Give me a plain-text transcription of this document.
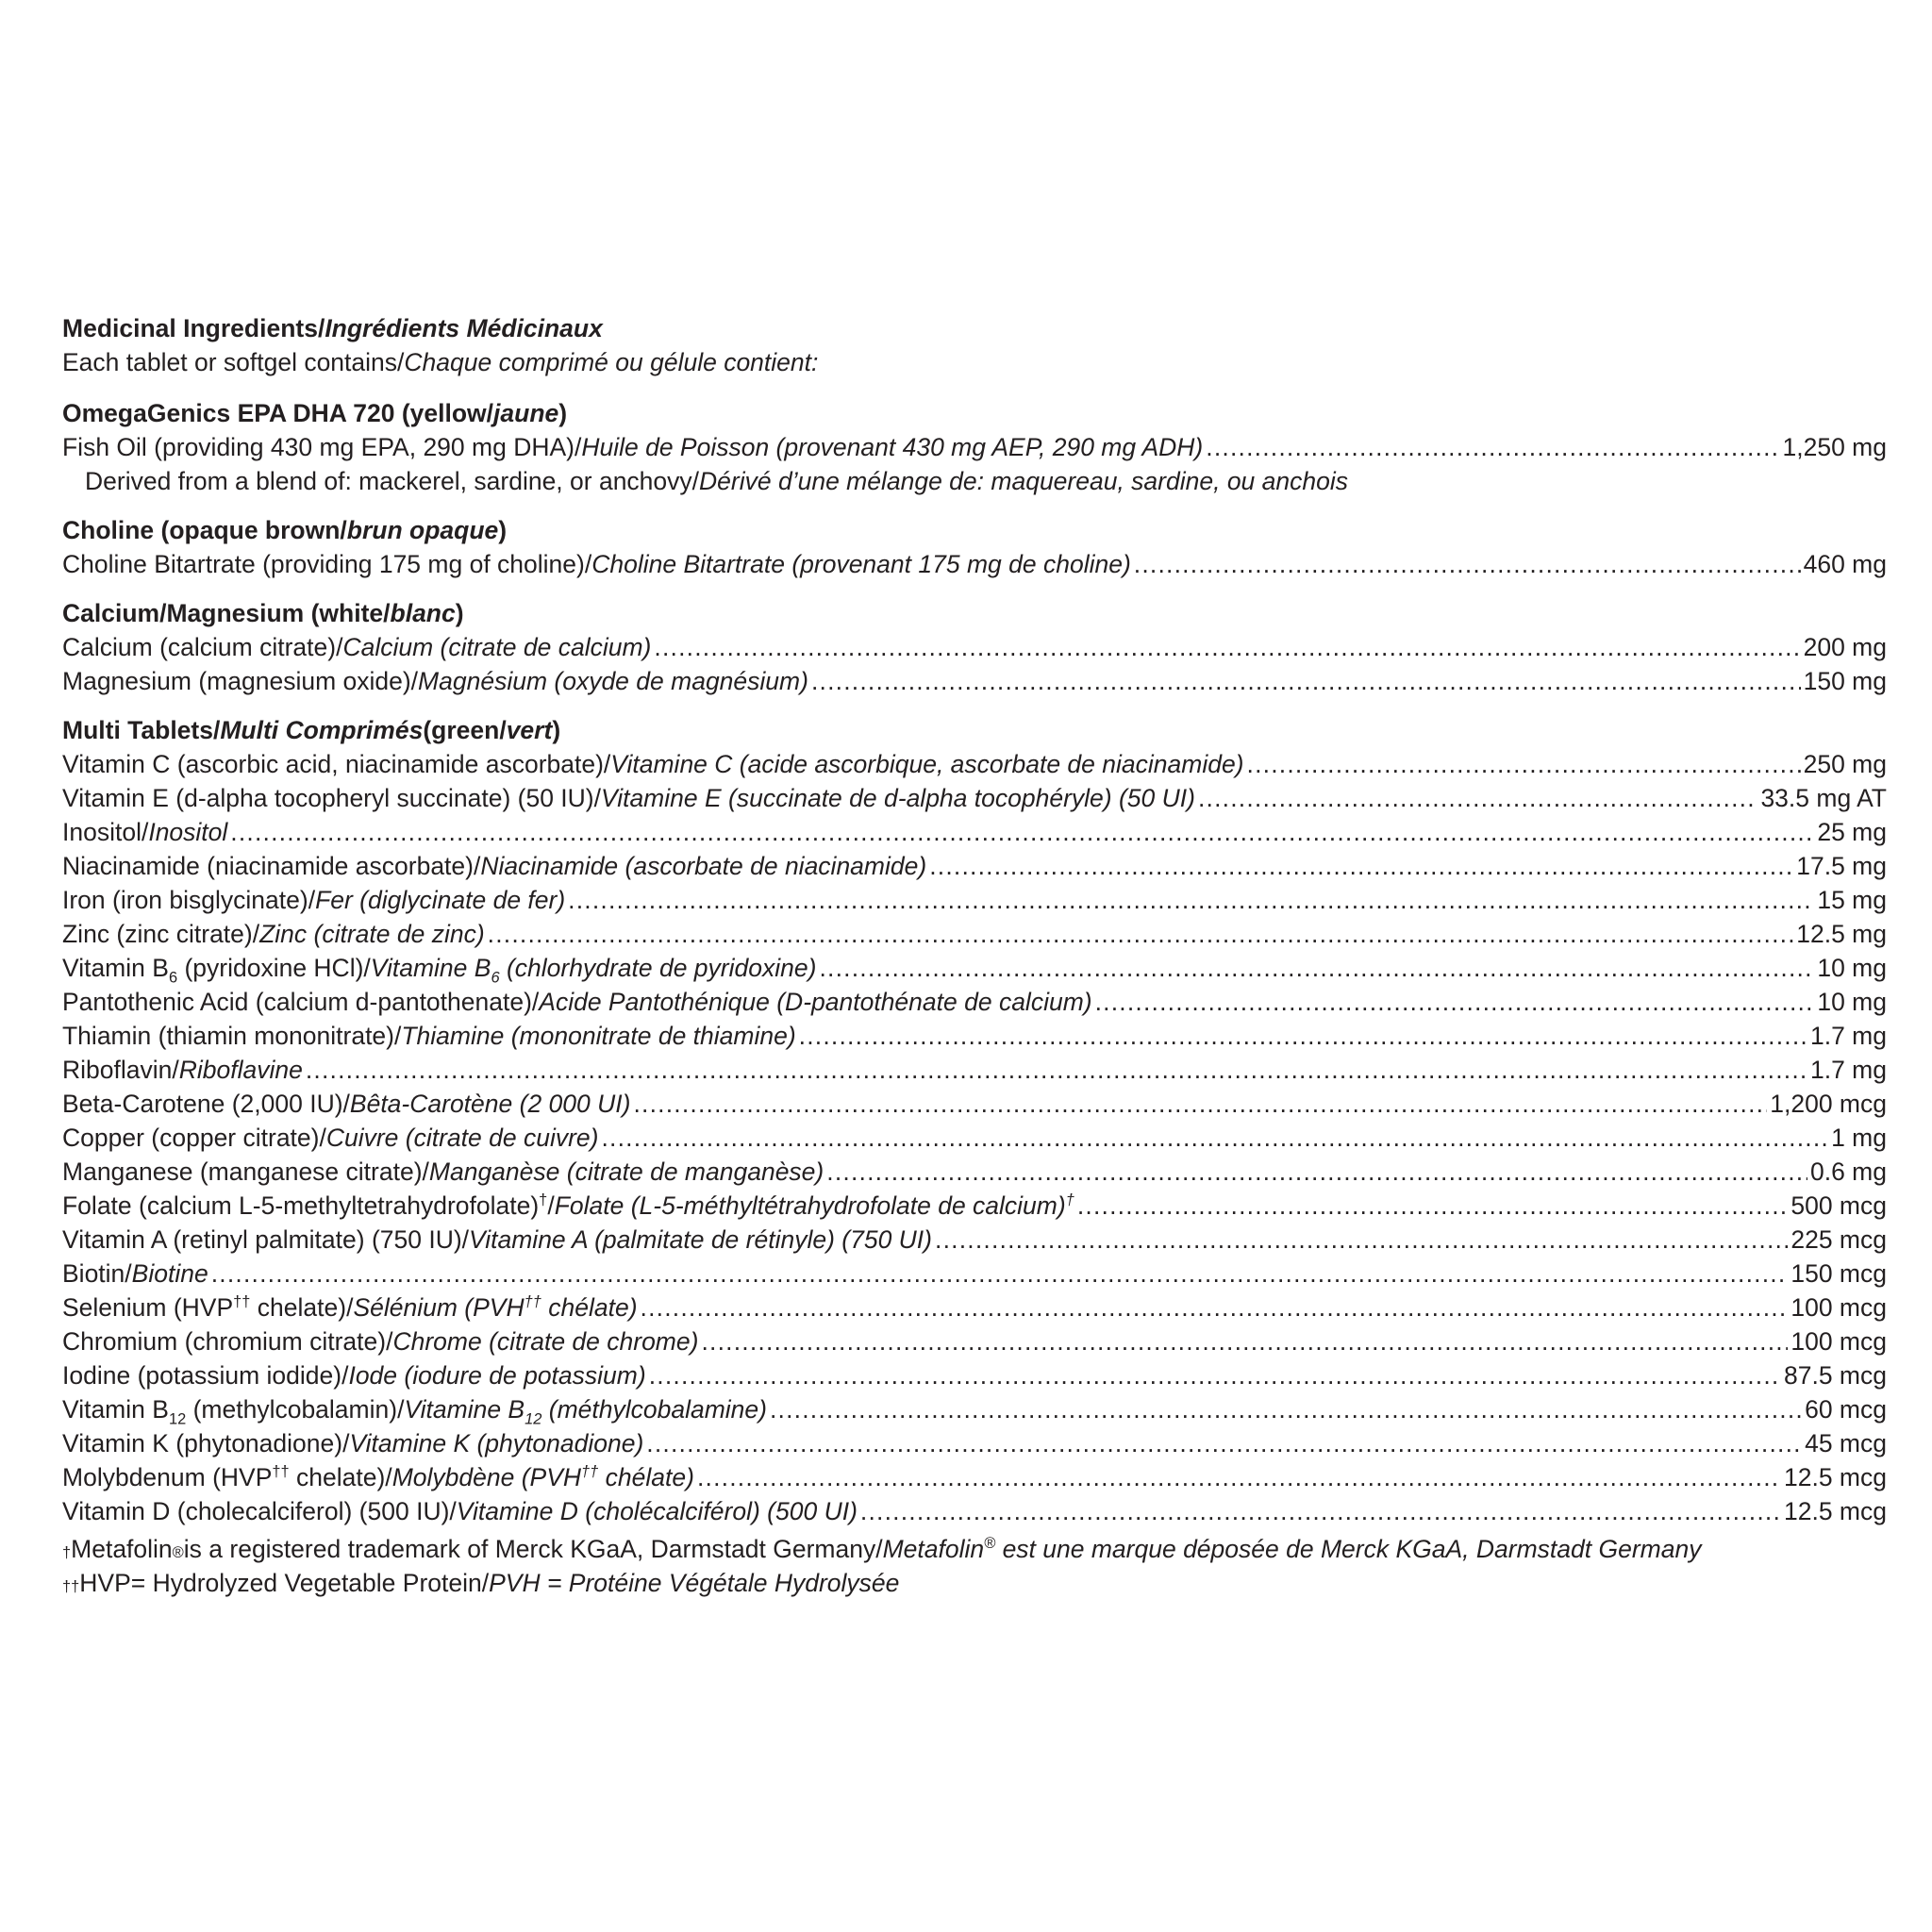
Medicinal Ingredients/ Ingrédients Médicinaux
Each tablet or softgel contains/ Chaque comprimé ou gélule contient:
OmegaGenics EPA DHA 720 (yellow/ jaune )
Fish Oil (providing 430 mg EPA, 290 mg DHA)/Huile de Poisson (provenant 430 mg AEP, 290 mg ADH) .....	1,250 mg
Derived from a blend of: mackerel, sardine, or anchovy/ Dérivé d’une mélange de: maquereau, sardine, ou anchois
Choline (opaque brown/ brun opaque )
Choline Bitartrate (providing 175 mg of choline)/Choline Bitartrate (provenant 175 mg de choline) .....	460 mg
Calcium/Magnesium (white/ blanc )
Calcium (calcium citrate)/Calcium (citrate de calcium) .....	200 mg
Magnesium (magnesium oxide)/Magnésium (oxyde de magnésium) .....	150 mg
Multi Tablets/ Multi Comprimés (green/ vert )
Vitamin C (ascorbic acid, niacinamide ascorbate)/Vitamine C (acide ascorbique, ascorbate de niacinamide) .....	250 mg
Vitamin E (d-alpha tocopheryl succinate) (50 IU)/Vitamine E (succinate de d-alpha tocophéryle) (50 UI) .....	33.5 mg AT
Inositol/Inositol .....	25 mg
Niacinamide (niacinamide ascorbate)/Niacinamide (ascorbate de niacinamide) .....	17.5 mg
Iron (iron bisglycinate)/Fer (diglycinate de fer) .....	15 mg
Zinc (zinc citrate)/Zinc (citrate de zinc) .....	12.5 mg
Vitamin $B_6$ (pyridoxine HCl)/Vitamine $B_6$ (chlorhydrate de pyridoxine) .....	10 mg
Pantothenic Acid (calcium d-pantothenate)/Acide Pantothénique (D-pantothénate de calcium) .....	10 mg
Thiamin (thiamin mononitrate)/Thiamine (mononitrate de thiamine) .....	1.7 mg
Riboflavin/Riboflavine .....	1.7 mg
Beta-Carotene (2,000 IU)/Bêta-Carotène (2 000 UI) .....	1,200 mcg
Copper (copper citrate)/Cuivre (citrate de cuivre) .....	1 mg
Manganese (manganese citrate)/Manganèse (citrate de manganèse) .....	0.6 mg
Folate (calcium L-5-methyltetrahydrofolate)†/Folate (L-5-méthyltétrahydrofolate de calcium)† .....	500 mcg
Vitamin A (retinyl palmitate) (750 IU)/Vitamine A (palmitate de rétinyle) (750 UI) .....	225 mcg
Biotin/Biotine .....	150 mcg
Selenium (HVP†† chelate)/Sélénium (PVH†† chélate) .....	100 mcg
Chromium (chromium citrate)/Chrome (citrate de chrome) .....	100 mcg
Iodine (potassium iodide)/Iode (iodure de potassium) .....	87.5 mcg
Vitamin $B_{12}$ (methylcobalamin)/Vitamine $B_{12}$ (méthylcobalamine) .....	60 mcg
Vitamin K (phytonadione)/Vitamine K (phytonadione) .....	45 mcg
Molybdenum (HVP†† chelate)/Molybdène (PVH†† chélate) .....	12.5 mcg
Vitamin D (cholecalciferol) (500 IU)/Vitamine D (cholécalciférol) (500 UI) .....	12.5 mcg
† Metafolin ® is a registered trademark of Merck KGaA, Darmstadt Germany/ Metafolin® est une marque déposée de Merck KGaA, Darmstadt Germany
†† HVP= Hydrolyzed Vegetable Protein/ PVH = Protéine Végétale Hydrolysée
